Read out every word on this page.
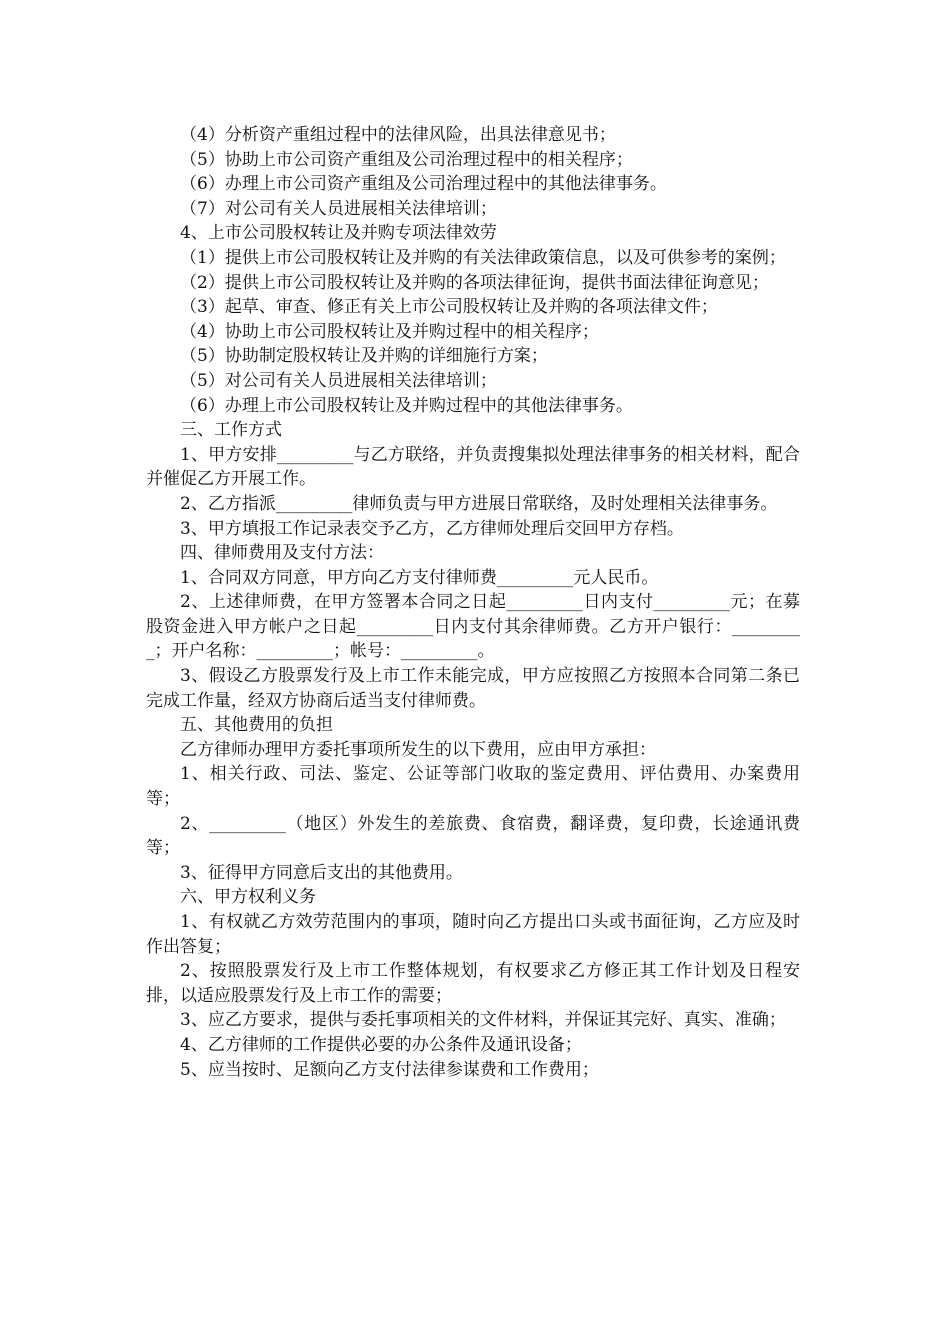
（4）分析资产重组过程中的法律风险，出具法律意见书；

（5）协助上市公司资产重组及公司治理过程中的相关程序；

（6）办理上市公司资产重组及公司治理过程中的其他法律事务。

（7）对公司有关人员进展相关法律培训；

4、上市公司股权转让及并购专项法律效劳

（1）提供上市公司股权转让及并购的有关法律政策信息，以及可供参考的案例；

（2）提供上市公司股权转让及并购的各项法律征询，提供书面法律征询意见；

（3）起草、审查、修正有关上市公司股权转让及并购的各项法律文件；

（4）协助上市公司股权转让及并购过程中的相关程序；

（5）协助制定股权转让及并购的详细施行方案；

（5）对公司有关人员进展相关法律培训；

（6）办理上市公司股权转让及并购过程中的其他法律事务。

三、工作方式

1、甲方安排_________与乙方联络，并负责搜集拟处理法律事务的相关材料，配合并催促乙方开展工作。

2、乙方指派_________律师负责与甲方进展日常联络，及时处理相关法律事务。

3、甲方填报工作记录表交予乙方，乙方律师处理后交回甲方存档。

四、律师费用及支付方法：

1、合同双方同意，甲方向乙方支付律师费_________元人民币。

2、上述律师费，在甲方签署本合同之日起_________日内支付_________元；在募股资金进入甲方帐户之日起_________日内支付其余律师费。乙方开户银行：_________；开户名称：_________；帐号：_________。

3、假设乙方股票发行及上市工作未能完成，甲方应按照乙方按照本合同第二条已完成工作量，经双方协商后适当支付律师费。

五、其他费用的负担

乙方律师办理甲方委托事项所发生的以下费用，应由甲方承担：

1、相关行政、司法、鉴定、公证等部门收取的鉴定费用、评估费用、办案费用等；

2、_________（地区）外发生的差旅费、食宿费，翻译费，复印费，长途通讯费等；

3、征得甲方同意后支出的其他费用。

六、甲方权利义务

1、有权就乙方效劳范围内的事项，随时向乙方提出口头或书面征询，乙方应及时作出答复；

2、按照股票发行及上市工作整体规划，有权要求乙方修正其工作计划及日程安排，以适应股票发行及上市工作的需要；

3、应乙方要求，提供与委托事项相关的文件材料，并保证其完好、真实、准确；

4、乙方律师的工作提供必要的办公条件及通讯设备；

5、应当按时、足额向乙方支付法律参谋费和工作费用；
